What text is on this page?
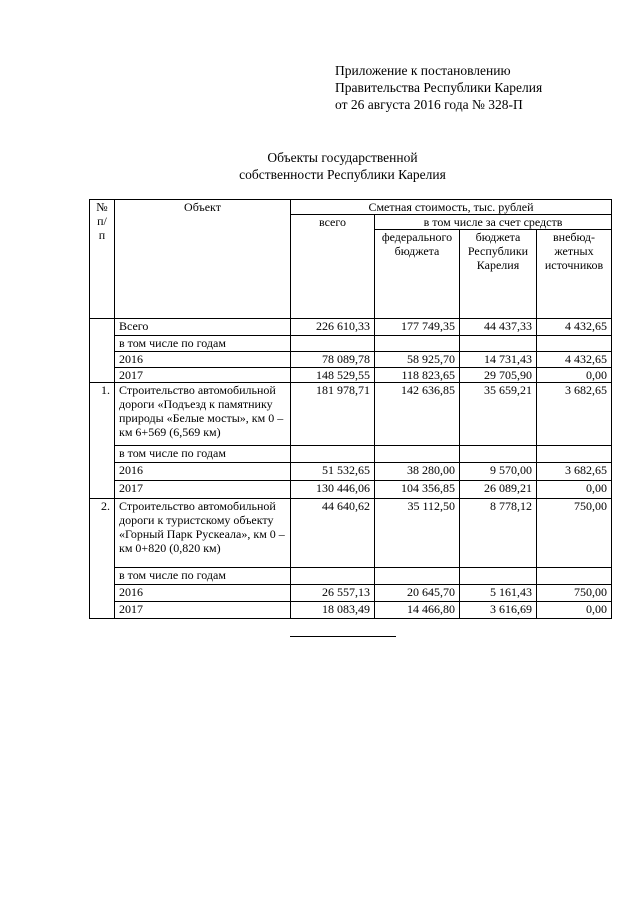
Приложение к постановлению
Правительства Республики Карелия
от 26 августа 2016 года № 328-П
Объекты государственной
собственности Республики Карелия
№ п/п	Объект	Сметная стоимость, тыс. рублей			
		всего	в том числе за счет средств		
			федерального бюджета	бюджета Республики Карелия	внебюд-жетных источников
	Всего	226 610,33	177 749,35	44 437,33	4 432,65
	в том числе по годам				
	2016	78 089,78	58 925,70	14 731,43	4 432,65
	2017	148 529,55	118 823,65	29 705,90	0,00
1.	Строительство автомобильной дороги «Подъезд к памятнику природы «Белые мосты», км 0 – км 6+569 (6,569 км)	181 978,71	142 636,85	35 659,21	3 682,65
	в том числе по годам				
	2016	51 532,65	38 280,00	9 570,00	3 682,65
	2017	130 446,06	104 356,85	26 089,21	0,00
2.	Строительство автомобильной дороги к туристскому объекту «Горный Парк Рускеала», км 0 – км 0+820 (0,820 км)	44 640,62	35 112,50	8 778,12	750,00
	в том числе по годам				
	2016	26 557,13	20 645,70	5 161,43	750,00
	2017	18 083,49	14 466,80	3 616,69	0,00
